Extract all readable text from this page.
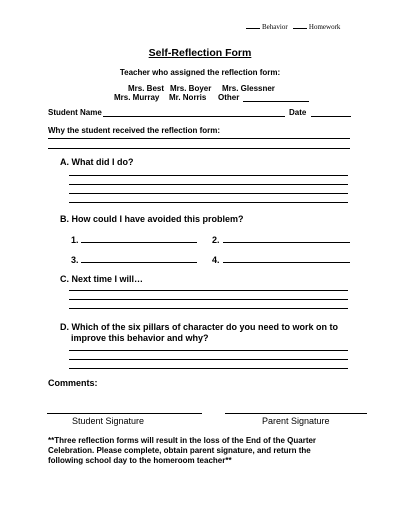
Behavior	Homework
Self-Reflection Form
Teacher who assigned the reflection form:
Mrs. Best Mrs. Boyer Mrs. Glessner
Mrs. Murray Mr. Norris Other
Student Name	Date
Why the student received the reflection form:
A. What did I do?
B. How could I have avoided this problem?
1.	2.
3.	4.
C. Next time I will…
D. Which of the six pillars of character do you need to work on to
improve this behavior and why?
Comments:
Student Signature	Parent Signature
**Three reflection forms will result in the loss of the End of the Quarter
Celebration. Please complete, obtain parent signature, and return the
following school day to the homeroom teacher**
